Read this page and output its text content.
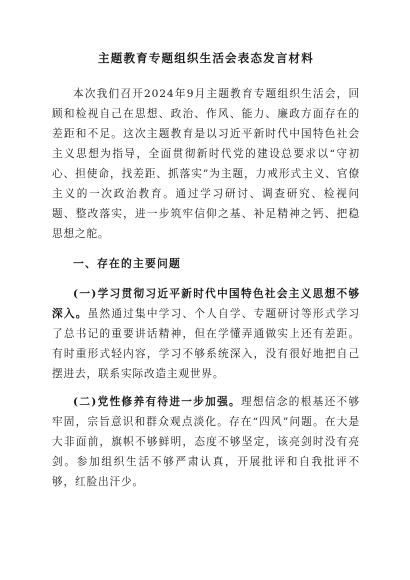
主题教育专题组织生活会表态发言材料

本次我们召开2024年9月主题教育专题组织生活会，回顾和检视自己在思想、政治、作风、能力、廉政方面存在的差距和不足。这次主题教育是以习近平新时代中国特色社会主义思想为指导，全面贯彻新时代党的建设总要求以“守初心、担使命，找差距、抓落实”为主题，力戒形式主义、官僚主义的一次政治教育。通过学习研讨、调查研究、检视问题、整改落实，进一步筑牢信仰之基、补足精神之钙、把稳思想之舵。

一、存在的主要问题

(一)学习贯彻习近平新时代中国特色社会主义思想不够深入。虽然通过集中学习、个人自学、专题研讨等形式学习了总书记的重要讲话精神，但在学懂弄通做实上还有差距。有时重形式轻内容，学习不够系统深入，没有很好地把自己摆进去，联系实际改造主观世界。

(二)党性修养有待进一步加强。理想信念的根基还不够牢固，宗旨意识和群众观点淡化。存在“四风”问题。在大是大非面前，旗帜不够鲜明，态度不够坚定，该亮剑时没有亮剑。参加组织生活不够严肃认真，开展批评和自我批评不够，红脸出汗少。
